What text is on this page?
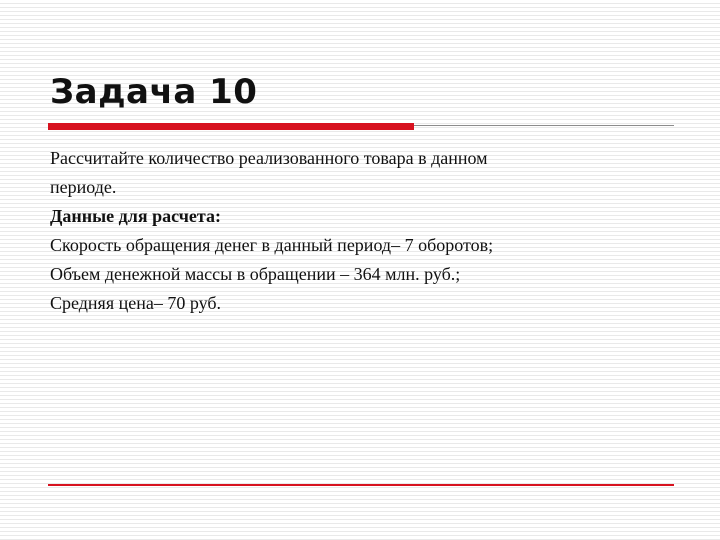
Задача 10
Рассчитайте количество реализованного товара в данном
периоде.
Данные для расчета:
Скорость обращения денег в данный период– 7 оборотов;
Объем денежной массы в обращении – 364 млн. руб.;
Средняя цена– 70 руб.
